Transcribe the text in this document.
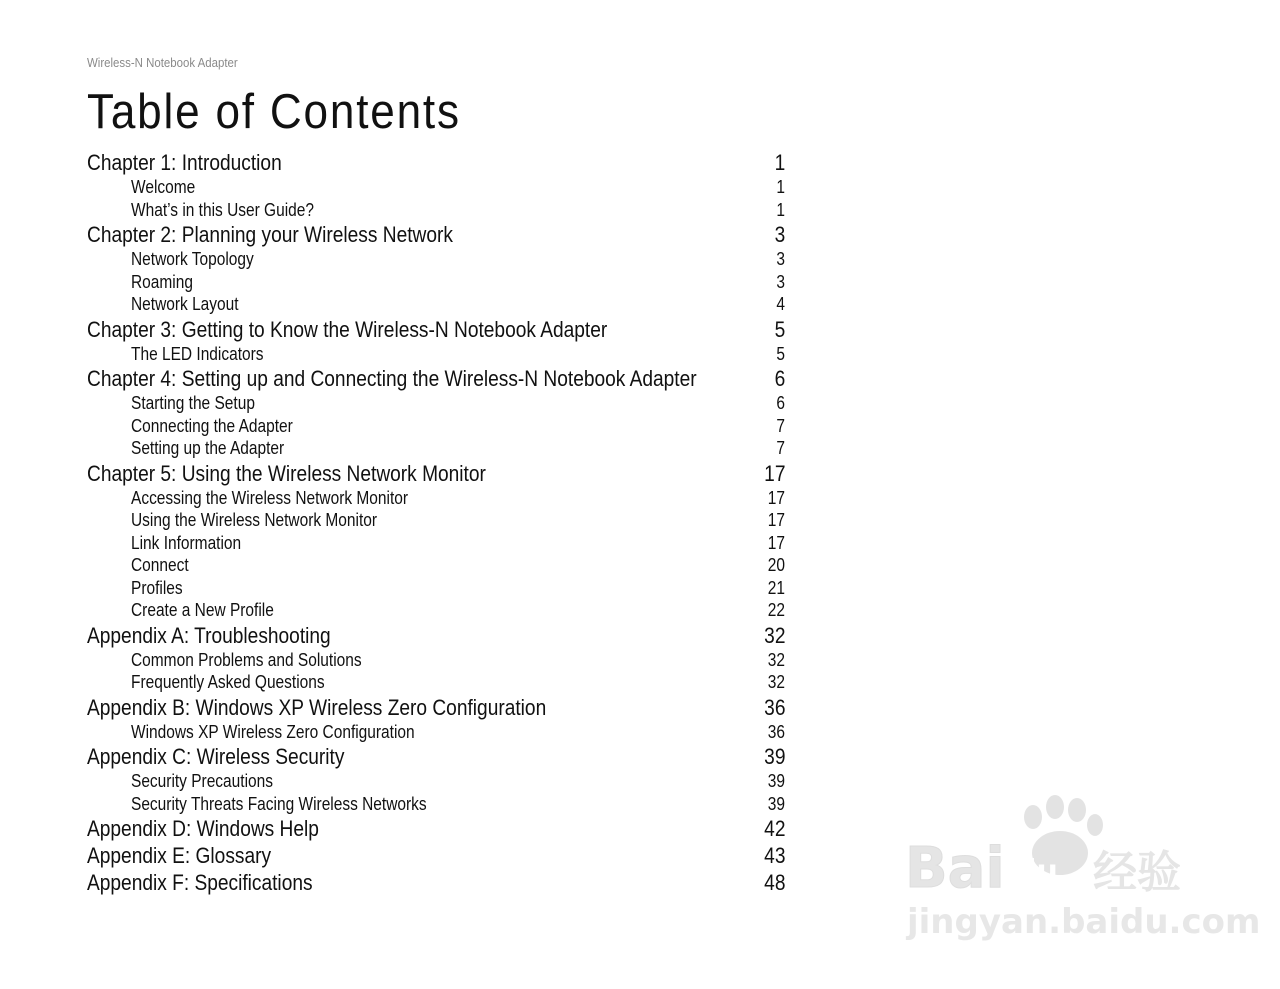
Wireless-N Notebook Adapter
Table of Contents
Chapter 1: Introduction	1
Welcome	1
What’s in this User Guide?	1
Chapter 2: Planning your Wireless Network	3
Network Topology	3
Roaming	3
Network Layout	4
Chapter 3: Getting to Know the Wireless-N Notebook Adapter	5
The LED Indicators	5
Chapter 4: Setting up and Connecting the Wireless-N Notebook Adapter	6
Starting the Setup	6
Connecting the Adapter	7
Setting up the Adapter	7
Chapter 5: Using the Wireless Network Monitor	17
Accessing the Wireless Network Monitor	17
Using the Wireless Network Monitor	17
Link Information	17
Connect	20
Profiles	21
Create a New Profile	22
Appendix A: Troubleshooting	32
Common Problems and Solutions	32
Frequently Asked Questions	32
Appendix B: Windows XP Wireless Zero Configuration	36
Windows XP Wireless Zero Configuration	36
Appendix C: Wireless Security	39
Security Precautions	39
Security Threats Facing Wireless Networks	39
Appendix D: Windows Help	42
Appendix E: Glossary	43
Appendix F: Specifications	48 Bai du 经验
jingyan.baidu.com
